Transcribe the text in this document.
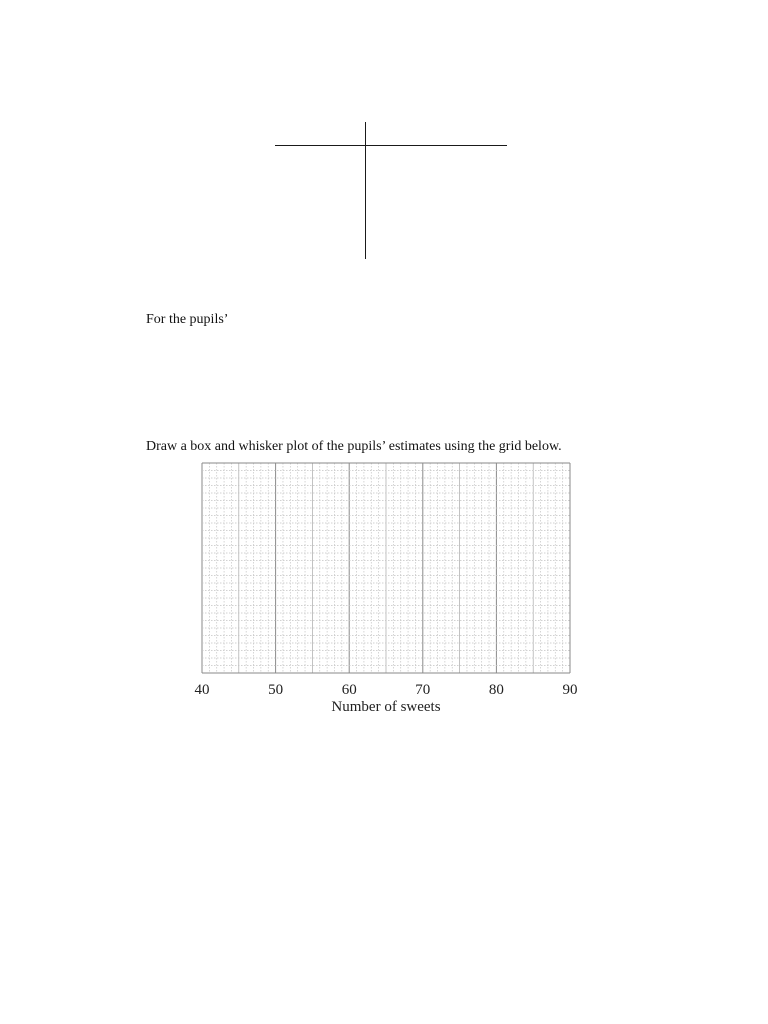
For the pupils’
Draw a box and whisker plot of the pupils’ estimates using the grid below.
40	50	60	70	80	90
Number of sweets
